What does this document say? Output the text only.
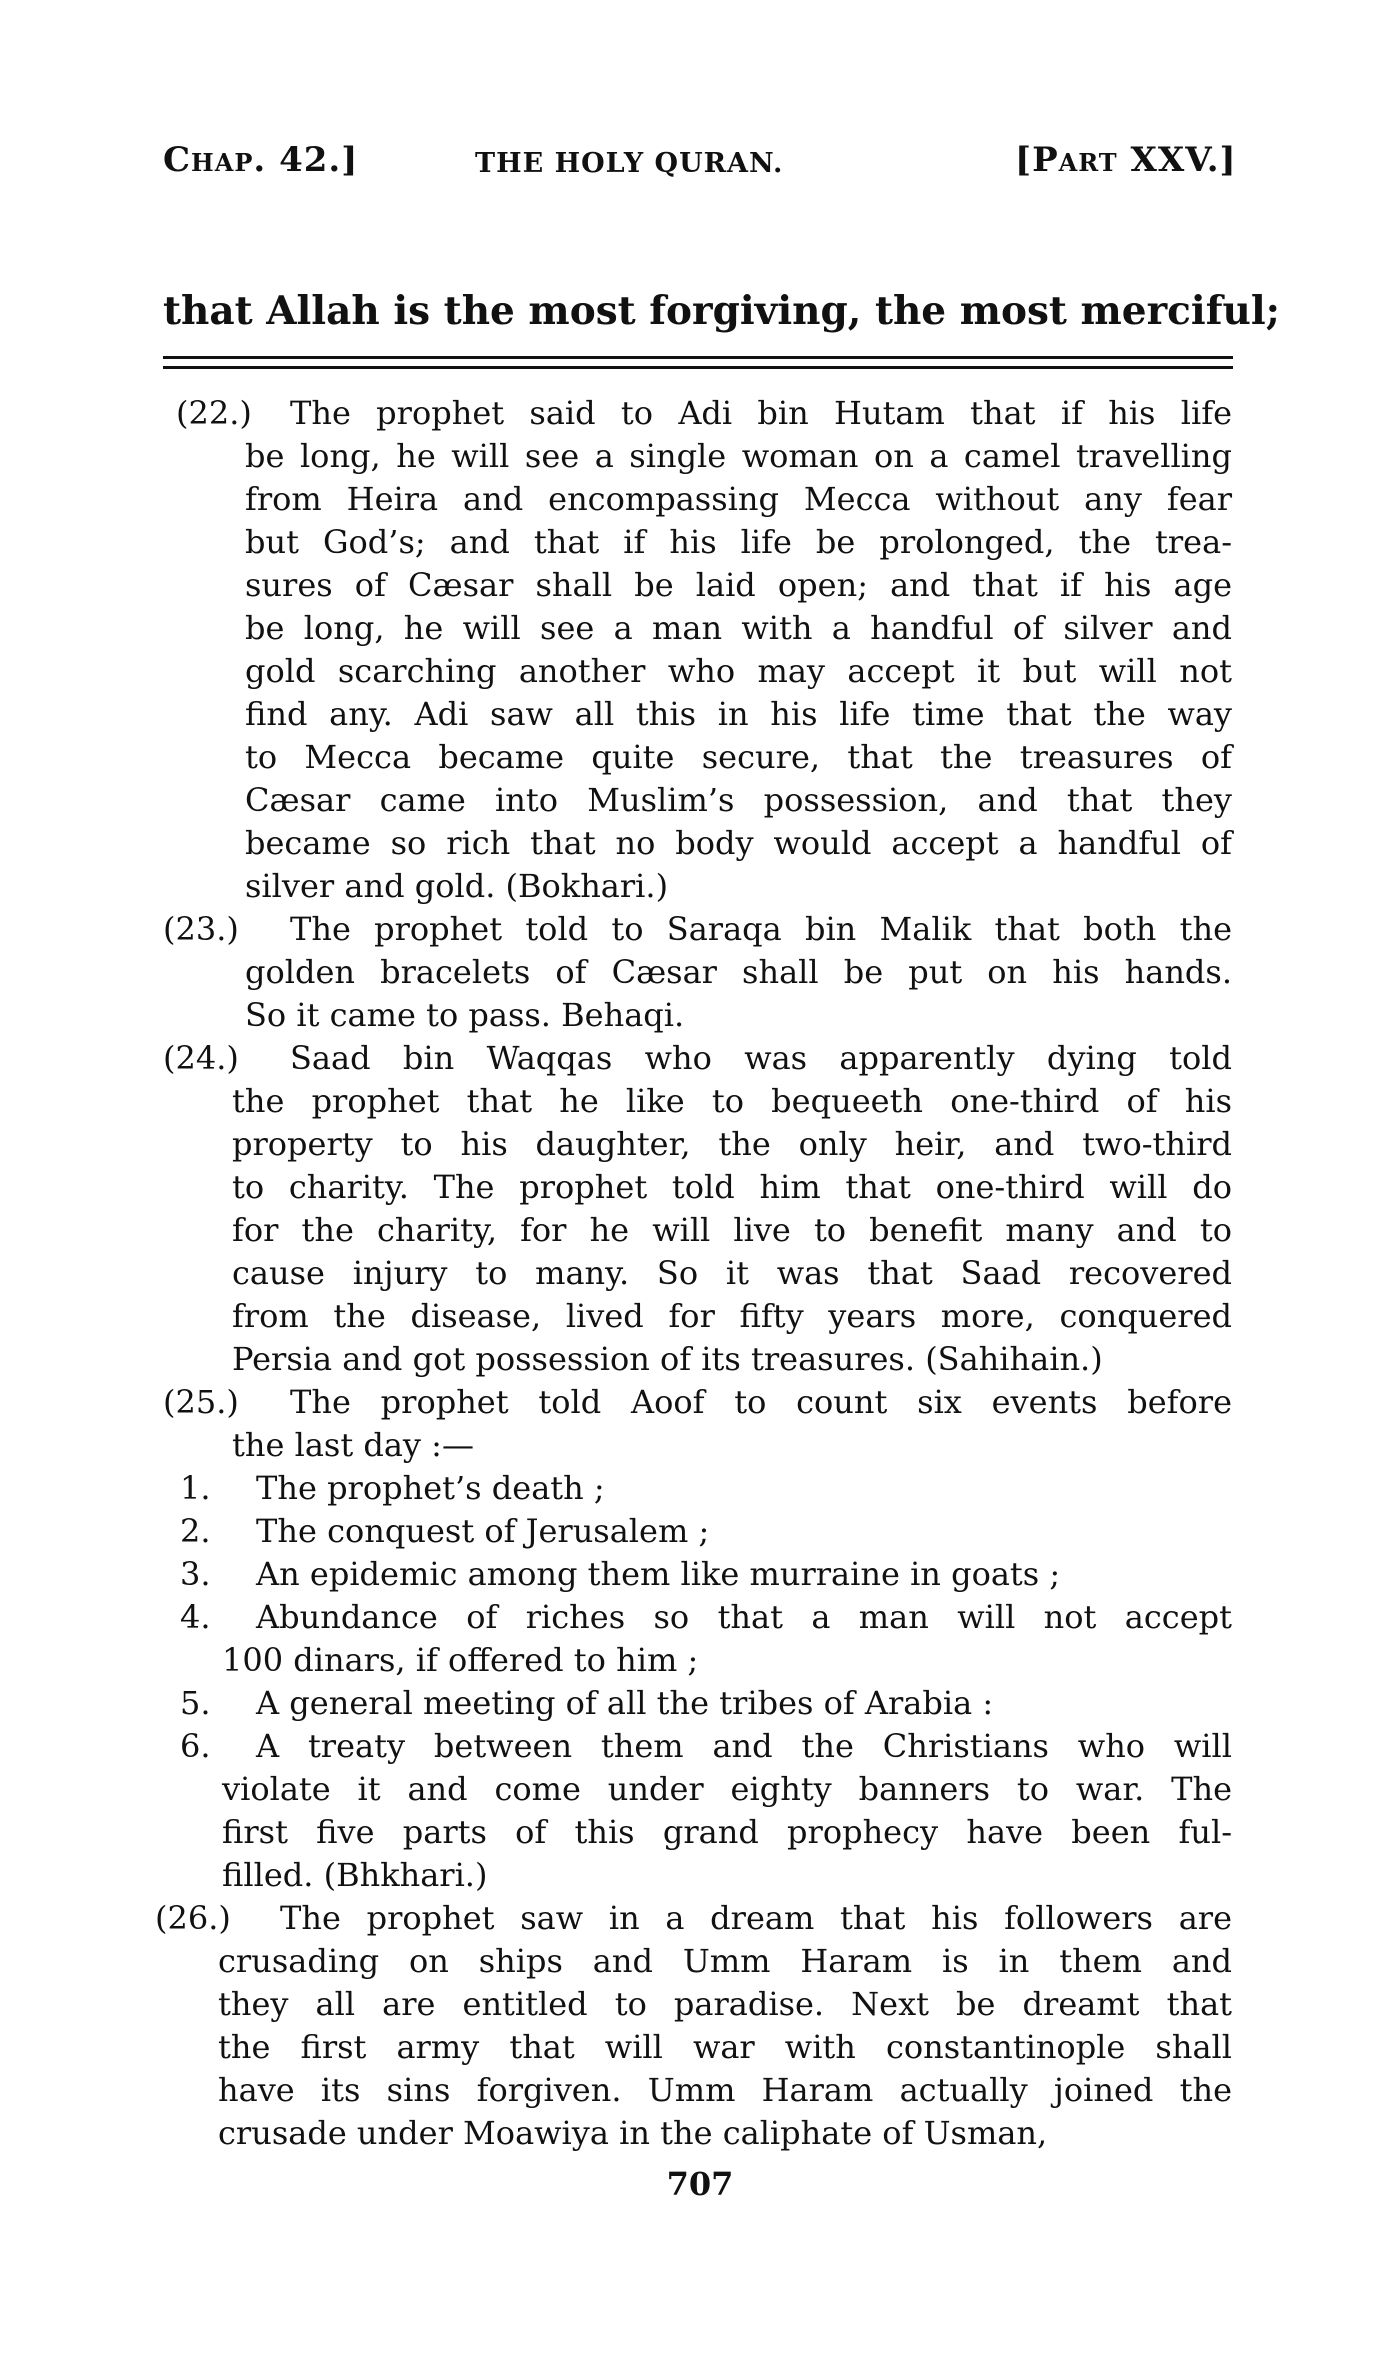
Chap. 42.]	THE HOLY QURAN.	[Part XXV.]
that Allah is the most forgiving, the most merciful;
(22.) The prophet said to Adi bin Hutam that if his life
be long, he will see a single woman on a camel travelling
from Heira and encompassing Mecca without any fear
but God’s; and that if his life be prolonged, the trea-
sures of Cæsar shall be laid open; and that if his age
be long, he will see a man with a handful of silver and
gold scarching another who may accept it but will not
find any. Adi saw all this in his life time that the way
to Mecca became quite secure, that the treasures of
Cæsar came into Muslim’s possession, and that they
became so rich that no body would accept a handful of
silver and gold. (Bokhari.)
(23.) The prophet told to Saraqa bin Malik that both the
golden bracelets of Cæsar shall be put on his hands.
So it came to pass. Behaqi.
(24.) Saad bin Waqqas who was apparently dying told
the prophet that he like to bequeeth one-third of his
property to his daughter, the only heir, and two-third
to charity. The prophet told him that one-third will do
for the charity, for he will live to benefit many and to
cause injury to many. So it was that Saad recovered
from the disease, lived for fifty years more, conquered
Persia and got possession of its treasures. (Sahihain.)
(25.) The prophet told Aoof to count six events before
the last day :—
1. The prophet’s death ;
2. The conquest of Jerusalem ;
3. An epidemic among them like murraine in goats ;
4. Abundance of riches so that a man will not accept
100 dinars, if offered to him ;
5. A general meeting of all the tribes of Arabia :
6. A treaty between them and the Christians who will
violate it and come under eighty banners to war. The
first five parts of this grand prophecy have been ful-
filled. (Bhkhari.)
(26.) The prophet saw in a dream that his followers are
crusading on ships and Umm Haram is in them and
they all are entitled to paradise. Next be dreamt that
the first army that will war with constantinople shall
have its sins forgiven. Umm Haram actually joined the
crusade under Moawiya in the caliphate of Usman,
707
